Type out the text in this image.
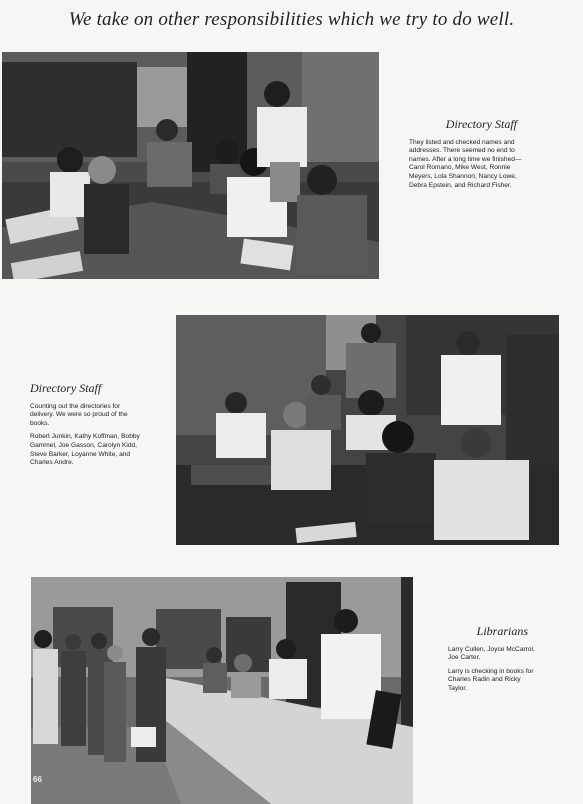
We take on other responsibilities which we try to do well.
Directory Staff

They listed and checked names and addresses. There seemed no end to names. After a long time we finished—Carol Romano, Mike West, Ronnie Meyers, Lola Shannon, Nancy Lowe, Debra Epstein, and Richard Fisher.

Directory Staff

Counting out the directories for delivery. We were so proud of the books.

Robert Junkin, Kathy Koffman, Bobby Gammel, Joe Gasson, Carolyn Kidd, Steve Barker, Loyanne White, and Charles Andre.

66
Librarians

Larry Cullen, Joyce McCarrol, Joe Carter.

Larry is checking in books for Charles Radin and Ricky Taylor.
